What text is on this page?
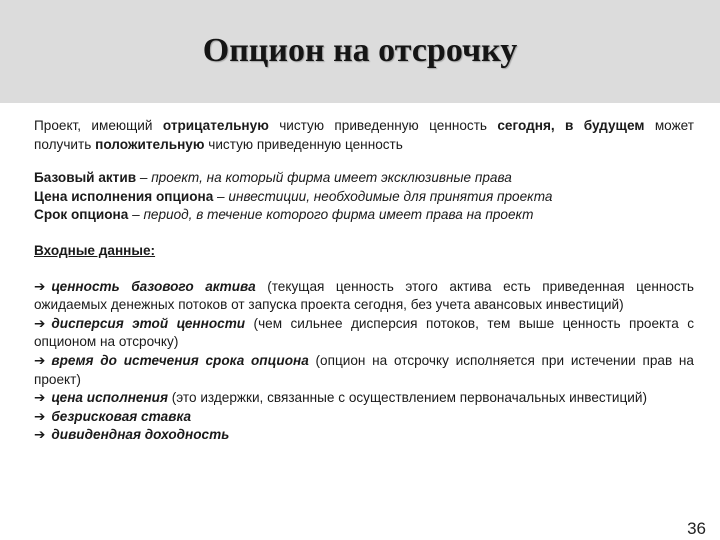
Опцион на отсрочку

Проект, имеющий отрицательную чистую приведенную ценность сегодня, в будущем может получить положительную чистую приведенную ценность

Базовый актив – проект, на который фирма имеет эксклюзивные права

Цена исполнения опциона – инвестиции, необходимые для принятия проекта

Срок опциона – период, в течение которого фирма имеет права на проект

Входные данные:

➔ ценность базового актива (текущая ценность этого актива есть приведенная ценность ожидаемых денежных потоков от запуска проекта сегодня, без учета авансовых инвестиций)

➔ дисперсия этой ценности (чем сильнее дисперсия потоков, тем выше ценность проекта с опционом на отсрочку)

➔ время до истечения срока опциона (опцион на отсрочку исполняется при истечении прав на проект)

➔ цена исполнения (это издержки, связанные с осуществлением первоначальных инвестиций)

➔ безрисковая ставка

➔ дивидендная доходность

36
